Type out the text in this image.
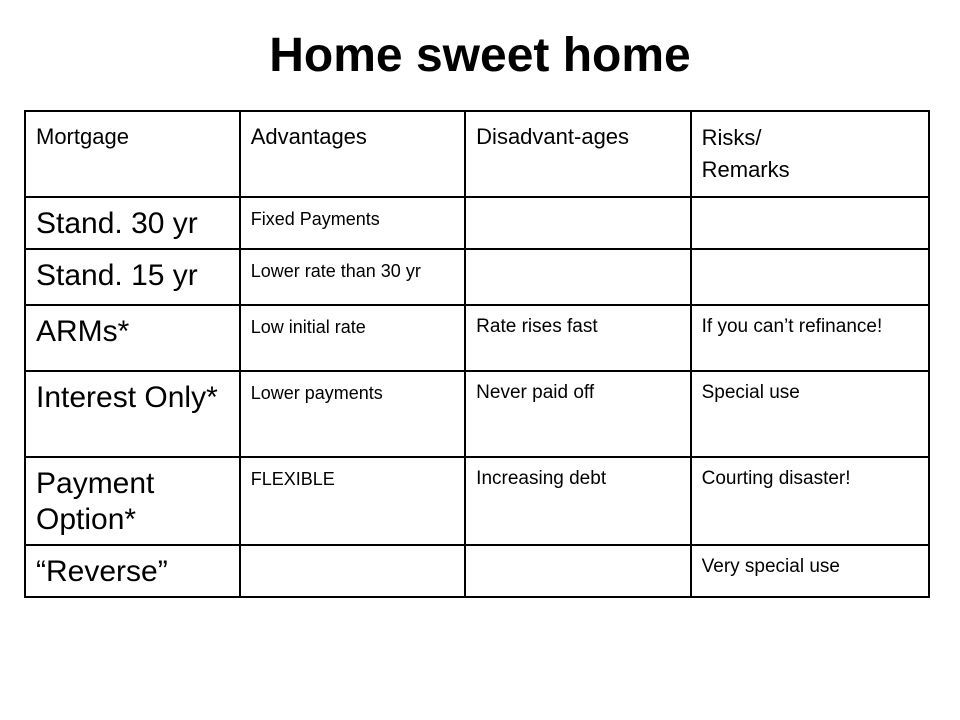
Home sweet home
Mortgage	Advantages	Disadvant-ages	Risks/
Remarks

Stand. 30 yr	Fixed Payments		
Stand. 15 yr	Lower rate than 30 yr		
ARMs*	Low initial rate	Rate rises fast	If you can’t refinance!
Interest Only*	Lower payments	Never paid off	Special use
Payment Option*	FLEXIBLE	Increasing debt	Courting disaster!
“Reverse”			Very special use
